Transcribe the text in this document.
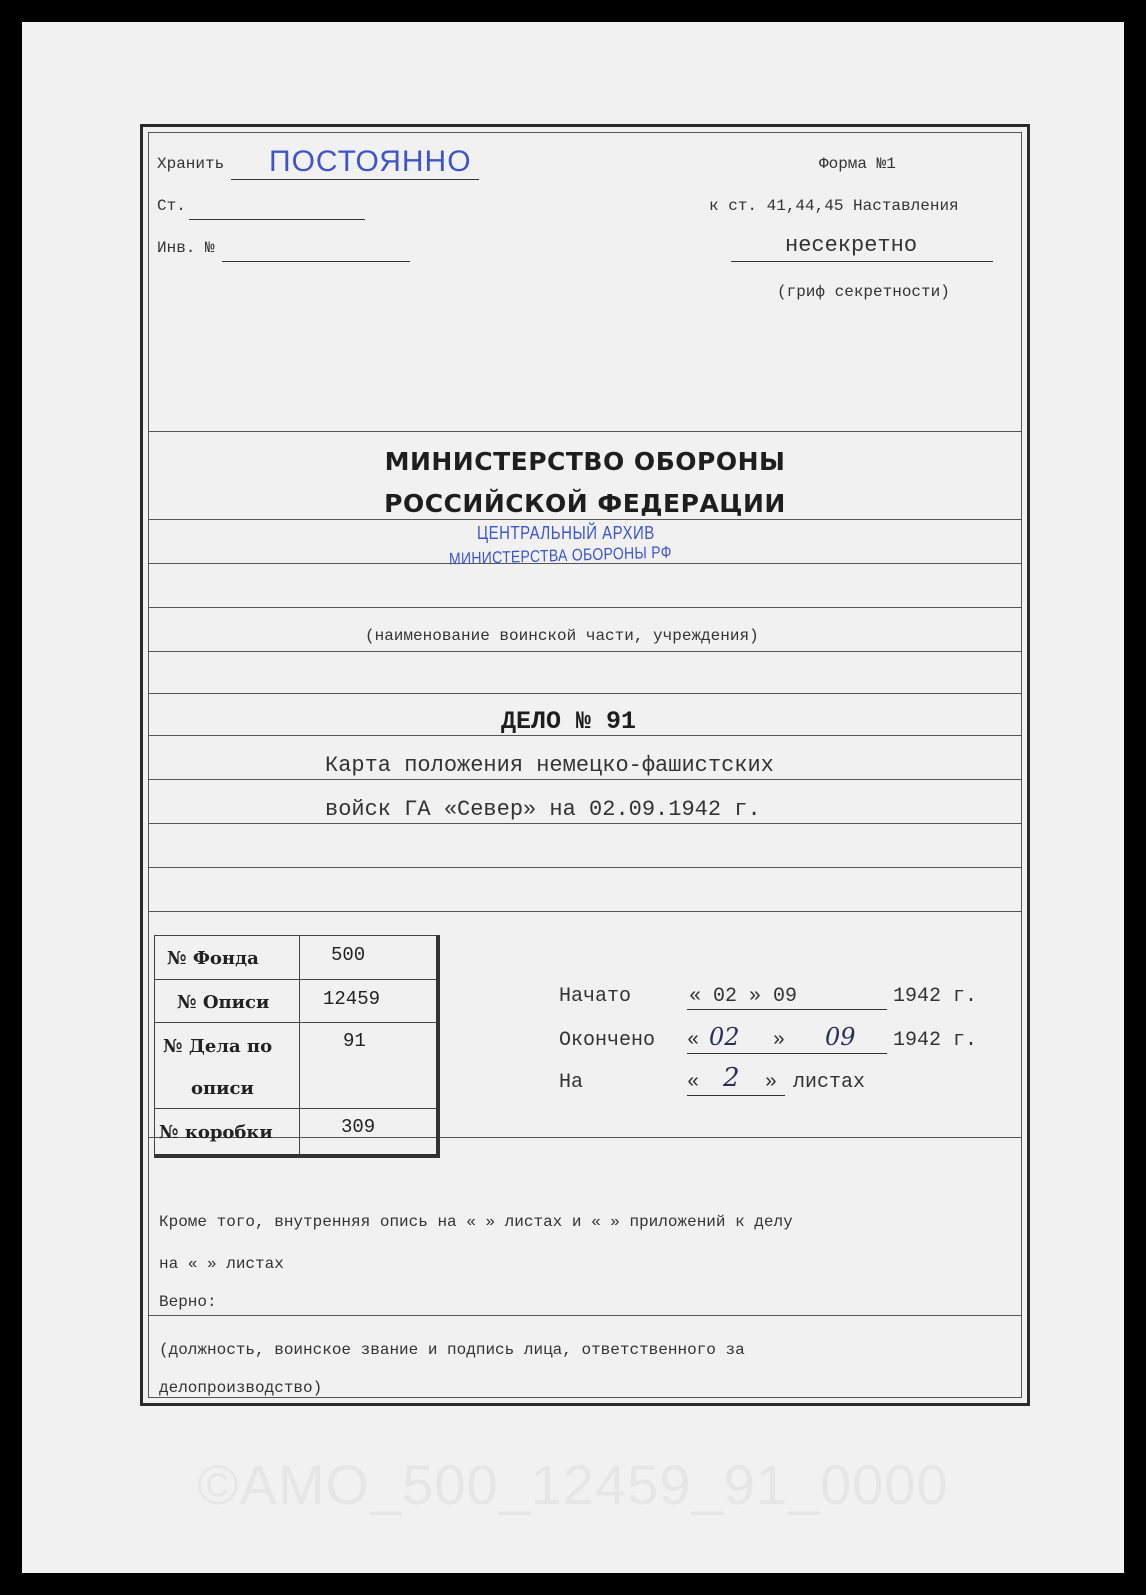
Хранить ПОСТОЯННО	Форма №1
Ст.	к ст. 41,44,45 Наставления
Инв. №	несекретно
(гриф секретности)
МИНИСТЕРСТВО ОБОРОНЫ
РОССИЙСКОЙ ФЕДЕРАЦИИ
ЦЕНТРАЛЬНЫЙ АРХИВ
МИНИСТЕРСТВА ОБОРОНЫ РФ
(наименование воинской части, учреждения)
ДЕЛО № 91
Карта положения немецко-фашистских
войск ГА «Север» на 02.09.1942 г.
№ Фонда	500
№ Описи	12459
№ Дела по	91
описи
№ коробки	309
Начато	« 02 » 09	1942 г.
Окончено « 02 » 09 1942 г.
На	« 2 » листах
Кроме того, внутренняя опись на « » листах и « » приложений к делу
на « » листах
Верно:
(должность, воинское звание и подпись лица, ответственного за
делопроизводство)
©АМО_500_12459_91_0000
